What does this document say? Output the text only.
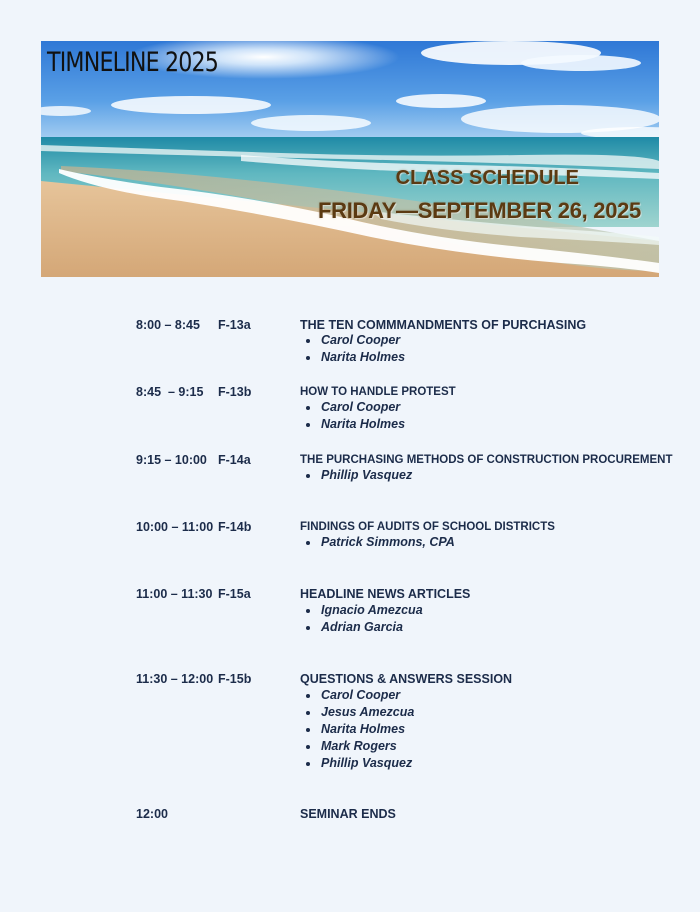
TIMNELINE 2025
CLASS SCHEDULE
FRIDAY—SEPTEMBER 26, 2025
8:00 – 8:45 F-13a	THE TEN COMMMANDMENTS OF PURCHASING
Carol Cooper
Narita Holmes
8:45  – 9:15 F-13b	HOW TO HANDLE PROTEST
Carol Cooper
Narita Holmes
9:15 – 10:00 F-14a	THE PURCHASING METHODS OF CONSTRUCTION PROCUREMENT
Phillip Vasquez
10:00 – 11:00 F-14b	FINDINGS OF AUDITS OF SCHOOL DISTRICTS
Patrick Simmons, CPA
11:00 – 11:30 F-15a	HEADLINE NEWS ARTICLES
Ignacio Amezcua
Adrian Garcia
11:30 – 12:00 F-15b	QUESTIONS & ANSWERS SESSION
Carol Cooper
Jesus Amezcua
Narita Holmes
Mark Rogers
Phillip Vasquez
12:00	SEMINAR ENDS
